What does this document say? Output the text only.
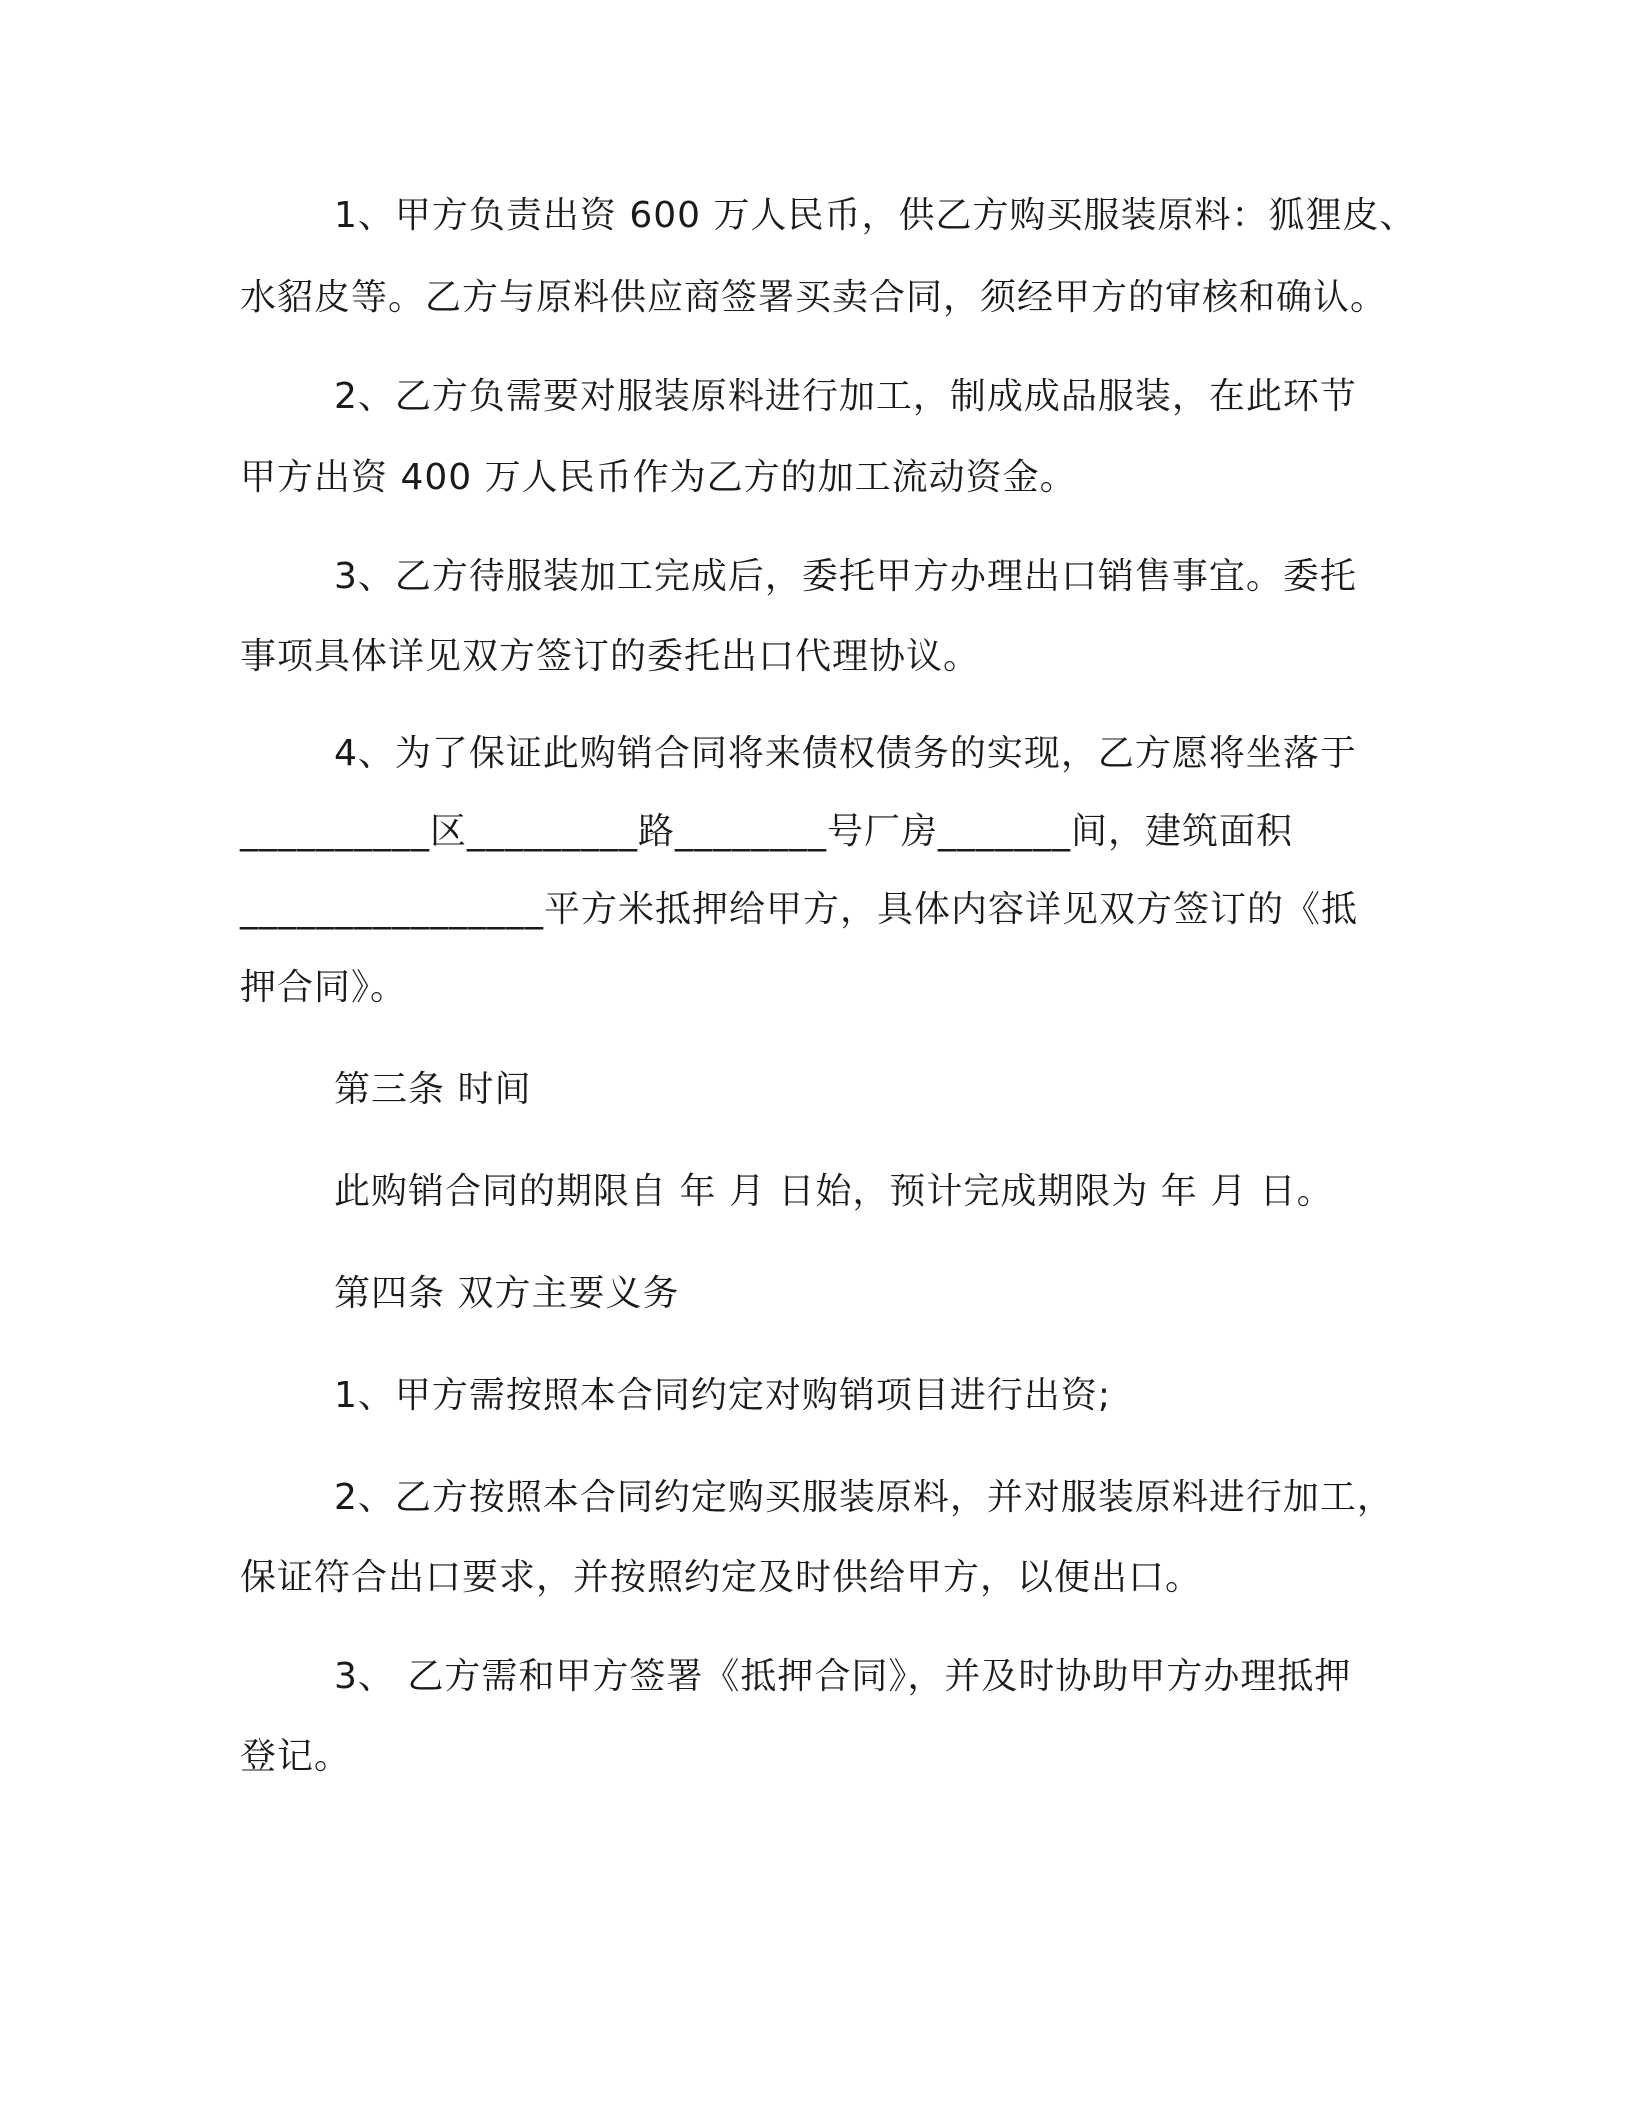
1、甲方负责出资 600 万人民币，供乙方购买服装原料：狐狸皮、
水貂皮等。乙方与原料供应商签署买卖合同，须经甲方的审核和确认。
2、乙方负需要对服装原料进行加工，制成成品服装，在此环节
甲方出资 400 万人民币作为乙方的加工流动资金。
3、乙方待服装加工完成后，委托甲方办理出口销售事宜。委托
事项具体详见双方签订的委托出口代理协议。
4、为了保证此购销合同将来债权债务的实现，乙方愿将坐落于
__________区_________路________号厂房_______间，建筑面积
________________平方米抵押给甲方，具体内容详见双方签订的《抵
押合同》。
第三条 时间
此购销合同的期限自 年 月 日始，预计完成期限为 年 月 日。
第四条 双方主要义务
1、甲方需按照本合同约定对购销项目进行出资;
2、乙方按照本合同约定购买服装原料，并对服装原料进行加工，
保证符合出口要求，并按照约定及时供给甲方，以便出口。
3、 乙方需和甲方签署《抵押合同》，并及时协助甲方办理抵押
登记。
